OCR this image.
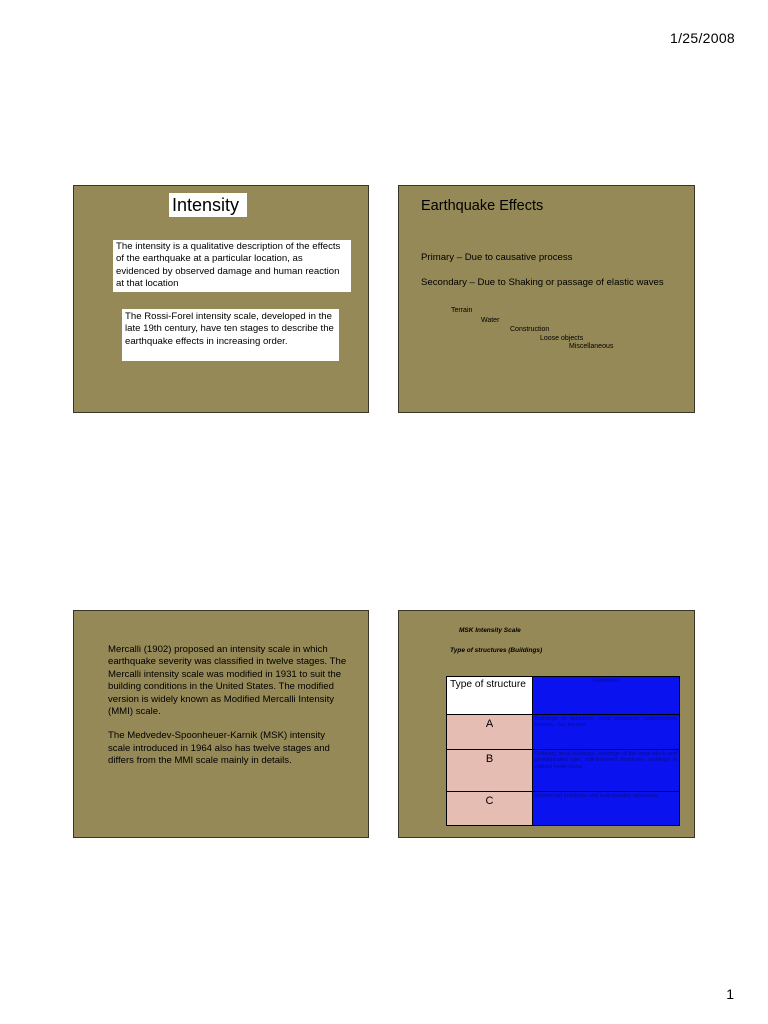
1/25/2008
Intensity
The intensity is a qualitative description of the effects of the earthquake at a particular location, as evidenced by observed damage and human reaction at that location
The Rossi-Forel intensity scale, developed in the late 19th century, have ten stages to describe the earthquake effects in increasing order.
Earthquake Effects
Primary – Due to causative process
Secondary – Due to Shaking or passage of elastic waves
Terrain
Water
Construction
Loose objects
Miscellaneous

Mercalli (1902) proposed an intensity scale in which earthquake severity was classified in twelve stages. The Mercalli intensity scale was modified in 1931 to suit the building conditions in the United States. The modified version is widely known as Modified Mercalli Intensity (MMI) scale.

The Medvedev-Spoonheuer-Karnik (MSK) intensity scale introduced in 1964 also has twelve stages and differs from the MMI scale mainly in details.

MSK Intensity Scale
Type of structures (Buildings)
Type of structure	Definitions

A	Buildings in fieldstone, rural structures, unburnt-brick houses, clay houses

B	Ordinary brick buildings, buildings of the large-block and prefabricated type, half-timbered structures, buildings in natural hewn stone

C	Reinforced buildings, well built wooden structures
1
